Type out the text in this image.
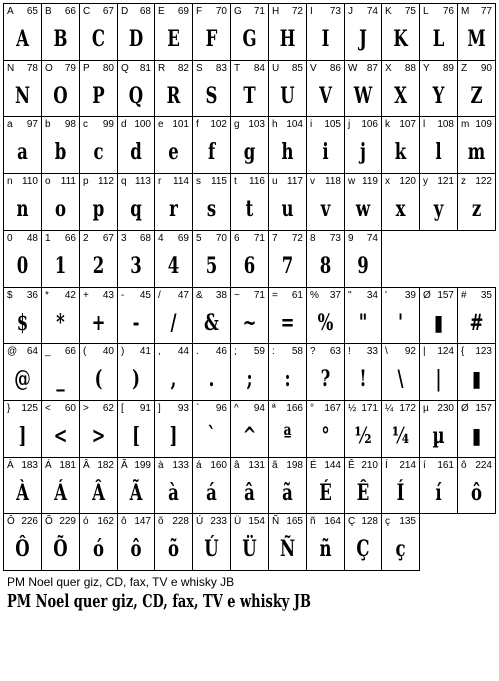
A 65
A
B 66
B
C 67
C
D 68
D
E 69
E
F 70
F
G 71
G
H 72
H
I 73
I
J 74
J
K 75
K
L 76
L
M 77
M
N 78
N
O 79
O
P 80
P
Q 81
Q
R 82
R
S 83
S
T 84
T
U 85
U
V 86
V
W 87
W
X 88
X
Y 89
Y
Z 90
Z
a 97
a
b 98
b
c 99
c
d 100
d
e 101
e
f 102
f
g 103
g
h 104
h
i 105
i
j 106
j
k 107
k
l 108
l
m 109
m
n 110
n
o 111
o
p 112
p
q 113
q
r 114
r
s 115
s
t 116
t
u 117
u
v 118
v
w 119
w
x 120
x
y 121
y
z 122
z
0 48
0
1 66
1
2 67
2
3 68
3
4 69
4
5 70
5
6 71
6
7 72
7
8 73
8
9 74
9
$ 36
$
* 42
*
+ 43
+
- 45
-
/ 47
/
& 38
&
~ 71
~
= 61
=
% 37
%
" 34
"
' 39
'
Ø 157
▮
# 35
#
@ 64
@
_ 66
_
( 40
(
) 41
)
, 44
,
. 46
.
; 59
;
: 58
:
? 63
?
! 33
!
\ 92
\
| 124
|
{ 123
▮
} 125
]
< 60
<
> 62
>
[ 91
[
] 93
]
` 96
`
^ 94
^
ª 166
ª
° 167
°
½ 171
½
¼ 172
¼
µ 230
µ
Ø 157
▮
À 183
À
Á 181
Á
Â 182
Â
Ã 199
Ã
à 133
à
á 160
á
â 131
â
ã 198
ã
É 144
É
Ê 210
Ê
Í 214
Í
í 161
í
ô 224
ô
Ô 226
Ô
Õ 229
Õ
ó 162
ó
ô 147
ô
õ 228
õ
Ú 233
Ú
Ü 154
Ü
Ñ 165
Ñ
ñ 164
ñ
Ç 128
Ç
ç 135
ç
PM Noel quer giz, CD, fax, TV e whisky JB
PM Noel quer giz, CD, fax, TV e whisky JB
